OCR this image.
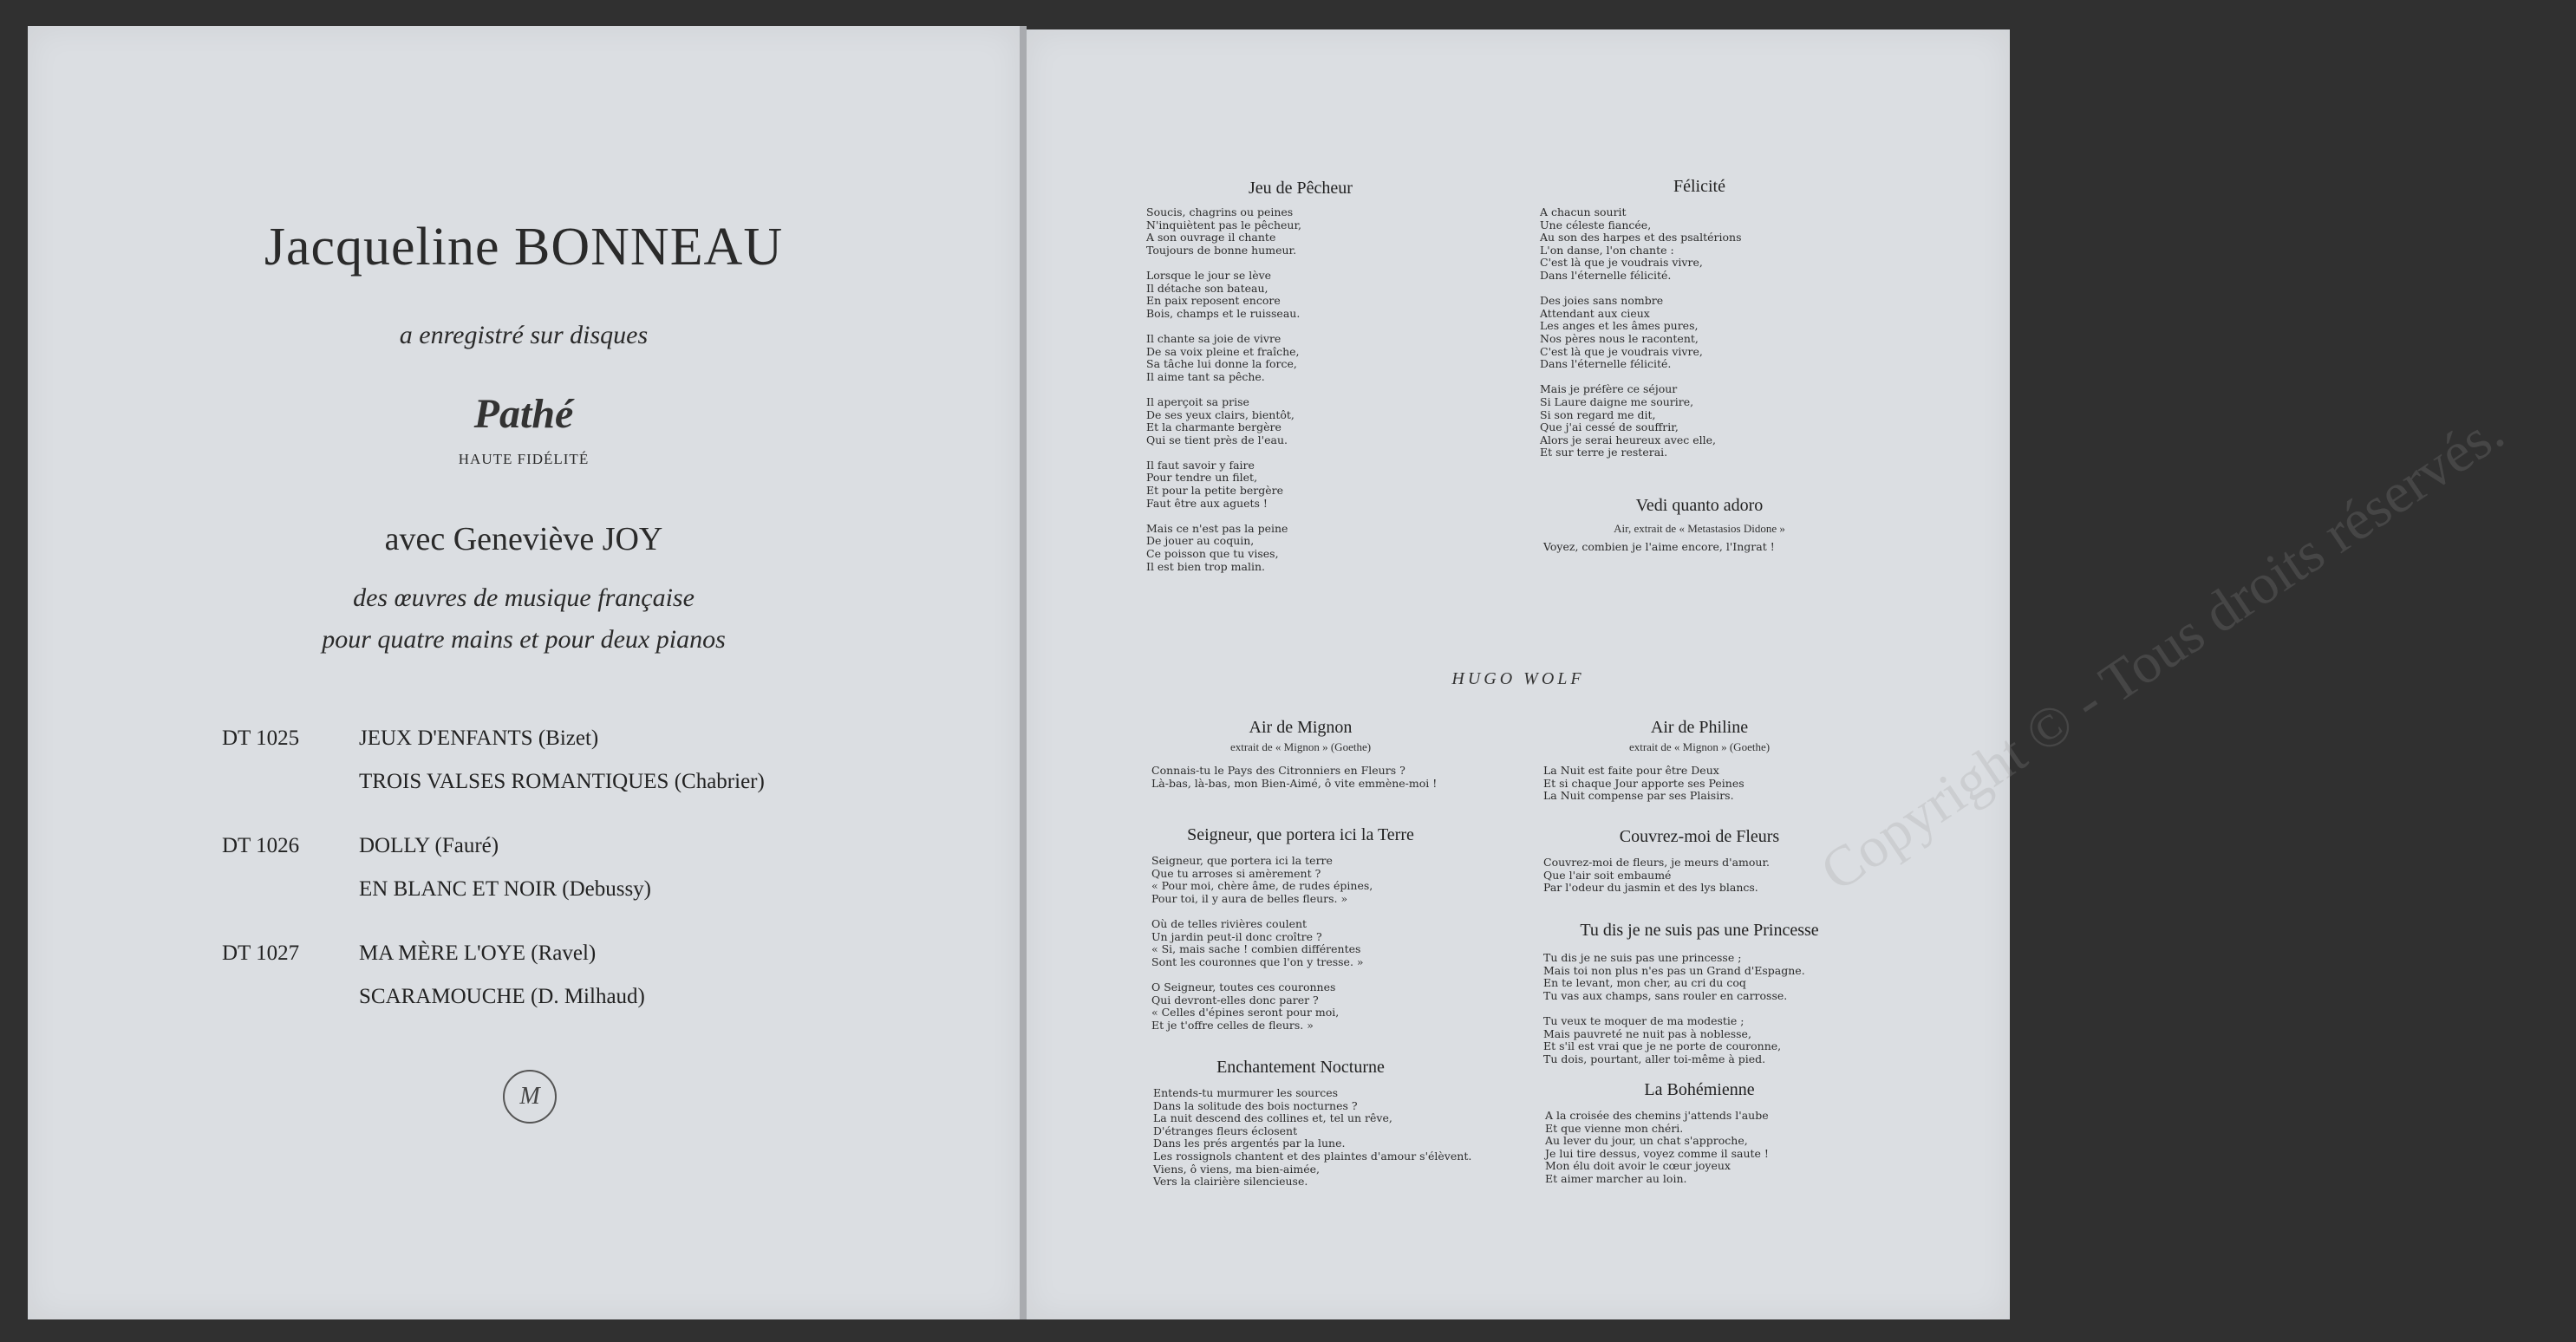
Jacqueline BONNEAU
a enregistré sur disques
Pathé
HAUTE FIDÉLITÉ
avec Geneviève JOY
des œuvres de musique française
pour quatre mains et pour deux pianos
DT 1025	JEUX D'ENFANTS (Bizet)
TROIS VALSES ROMANTIQUES (Chabrier)
DT 1026	DOLLY (Fauré)
EN BLANC ET NOIR (Debussy)
DT 1027	MA MÈRE L'OYE (Ravel)
SCARAMOUCHE (D. Milhaud)
M
Copyright © - Tous droits réservés.
Jeu de Pêcheur
Soucis, chagrins ou peines
N'inquiètent pas le pêcheur,
A son ouvrage il chante
Toujours de bonne humeur.

Lorsque le jour se lève
Il détache son bateau,
En paix reposent encore
Bois, champs et le ruisseau.

Il chante sa joie de vivre
De sa voix pleine et fraîche,
Sa tâche lui donne la force,
Il aime tant sa pêche.

Il aperçoit sa prise
De ses yeux clairs, bientôt,
Et la charmante bergère
Qui se tient près de l'eau.

Il faut savoir y faire
Pour tendre un filet,
Et pour la petite bergère
Faut être aux aguets !

Mais ce n'est pas la peine
De jouer au coquin,
Ce poisson que tu vises,
Il est bien trop malin.
Félicité
A chacun sourit
Une céleste fiancée,
Au son des harpes et des psaltérions
L'on danse, l'on chante :
C'est là que je voudrais vivre,
Dans l'éternelle félicité.

Des joies sans nombre
Attendant aux cieux
Les anges et les âmes pures,
Nos pères nous le racontent,
C'est là que je voudrais vivre,
Dans l'éternelle félicité.

Mais je préfère ce séjour
Si Laure daigne me sourire,
Si son regard me dit,
Que j'ai cessé de souffrir,
Alors je serai heureux avec elle,
Et sur terre je resterai.
Vedi quanto adoro
Air, extrait de « Metastasios Didone »
Voyez, combien je l'aime encore, l'Ingrat !
HUGO WOLF
Air de Mignon
extrait de « Mignon » (Goethe)
Connais-tu le Pays des Citronniers en Fleurs ?
Là-bas, là-bas, mon Bien-Aimé, ô vite emmène-moi !
Air de Philine
extrait de « Mignon » (Goethe)
La Nuit est faite pour être Deux
Et si chaque Jour apporte ses Peines
La Nuit compense par ses Plaisirs.
Seigneur, que portera ici la Terre
Seigneur, que portera ici la terre
Que tu arroses si amèrement ?
« Pour moi, chère âme, de rudes épines,
Pour toi, il y aura de belles fleurs. »

Où de telles rivières coulent
Un jardin peut-il donc croître ?
« Si, mais sache ! combien différentes
Sont les couronnes que l'on y tresse. »

O Seigneur, toutes ces couronnes
Qui devront-elles donc parer ?
« Celles d'épines seront pour moi,
Et je t'offre celles de fleurs. »
Couvrez-moi de Fleurs
Couvrez-moi de fleurs, je meurs d'amour.
Que l'air soit embaumé
Par l'odeur du jasmin et des lys blancs.
Tu dis je ne suis pas une Princesse
Tu dis je ne suis pas une princesse ;
Mais toi non plus n'es pas un Grand d'Espagne.
En te levant, mon cher, au cri du coq
Tu vas aux champs, sans rouler en carrosse.

Tu veux te moquer de ma modestie ;
Mais pauvreté ne nuit pas à noblesse,
Et s'il est vrai que je ne porte de couronne,
Tu dois, pourtant, aller toi-même à pied.
Enchantement Nocturne
Entends-tu murmurer les sources
Dans la solitude des bois nocturnes ?
La nuit descend des collines et, tel un rêve,
D'étranges fleurs éclosent
Dans les prés argentés par la lune.
Les rossignols chantent et des plaintes d'amour s'élèvent.
Viens, ô viens, ma bien-aimée,
Vers la clairière silencieuse.
La Bohémienne
A la croisée des chemins j'attends l'aube
Et que vienne mon chéri.
Au lever du jour, un chat s'approche,
Je lui tire dessus, voyez comme il saute !
Mon élu doit avoir le cœur joyeux
Et aimer marcher au loin.
